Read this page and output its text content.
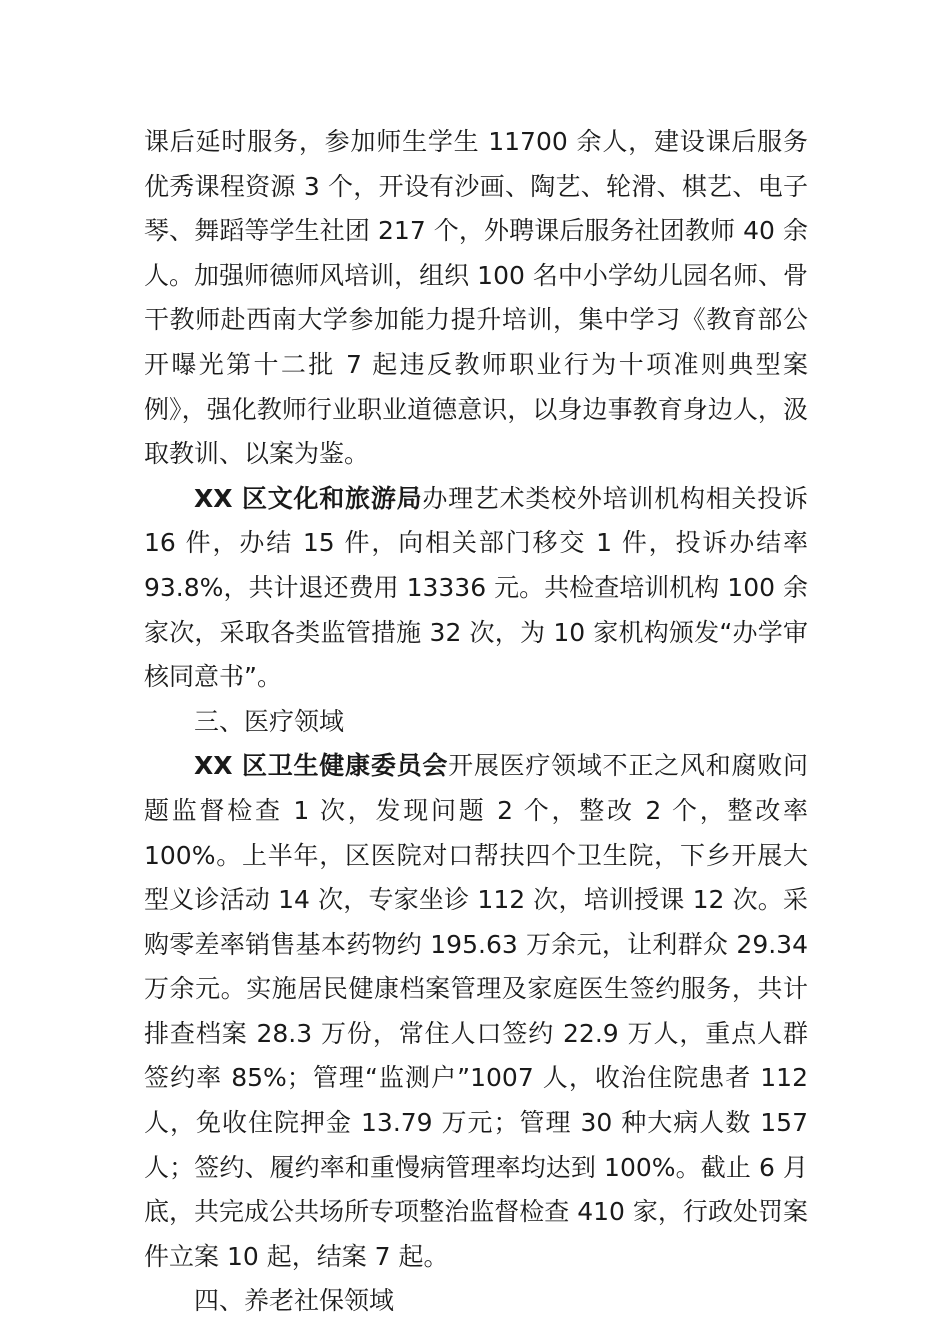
课后延时服务，参加师生学生 11700 余人，建设课后服务优秀课程资源 3 个，开设有沙画、陶艺、轮滑、棋艺、电子琴、舞蹈等学生社团 217 个，外聘课后服务社团教师 40 余人。加强师德师风培训，组织 100 名中小学幼儿园名师、骨干教师赴西南大学参加能力提升培训，集中学习《教育部公开曝光第十二批 7 起违反教师职业行为十项准则典型案例》，强化教师行业职业道德意识，以身边事教育身边人，汲取教训、以案为鉴。

XX 区文化和旅游局办理艺术类校外培训机构相关投诉 16 件，办结 15 件，向相关部门移交 1 件，投诉办结率 93.8%，共计退还费用 13336 元。共检查培训机构 100 余家次，采取各类监管措施 32 次，为 10 家机构颁发“办学审核同意书”。

三、医疗领域

XX 区卫生健康委员会开展医疗领域不正之风和腐败问题监督检查 1 次，发现问题 2 个，整改 2 个，整改率 100%。上半年，区医院对口帮扶四个卫生院，下乡开展大型义诊活动 14 次，专家坐诊 112 次，培训授课 12 次。采购零差率销售基本药物约 195.63 万余元，让利群众 29.34 万余元。实施居民健康档案管理及家庭医生签约服务，共计排查档案 28.3 万份，常住人口签约 22.9 万人，重点人群签约率 85%；管理“监测户”1007 人，收治住院患者 112 人，免收住院押金 13.79 万元；管理 30 种大病人数 157 人；签约、履约率和重慢病管理率均达到 100%。截止 6 月底，共完成公共场所专项整治监督检查 410 家，行政处罚案件立案 10 起，结案 7 起。

四、养老社保领域
